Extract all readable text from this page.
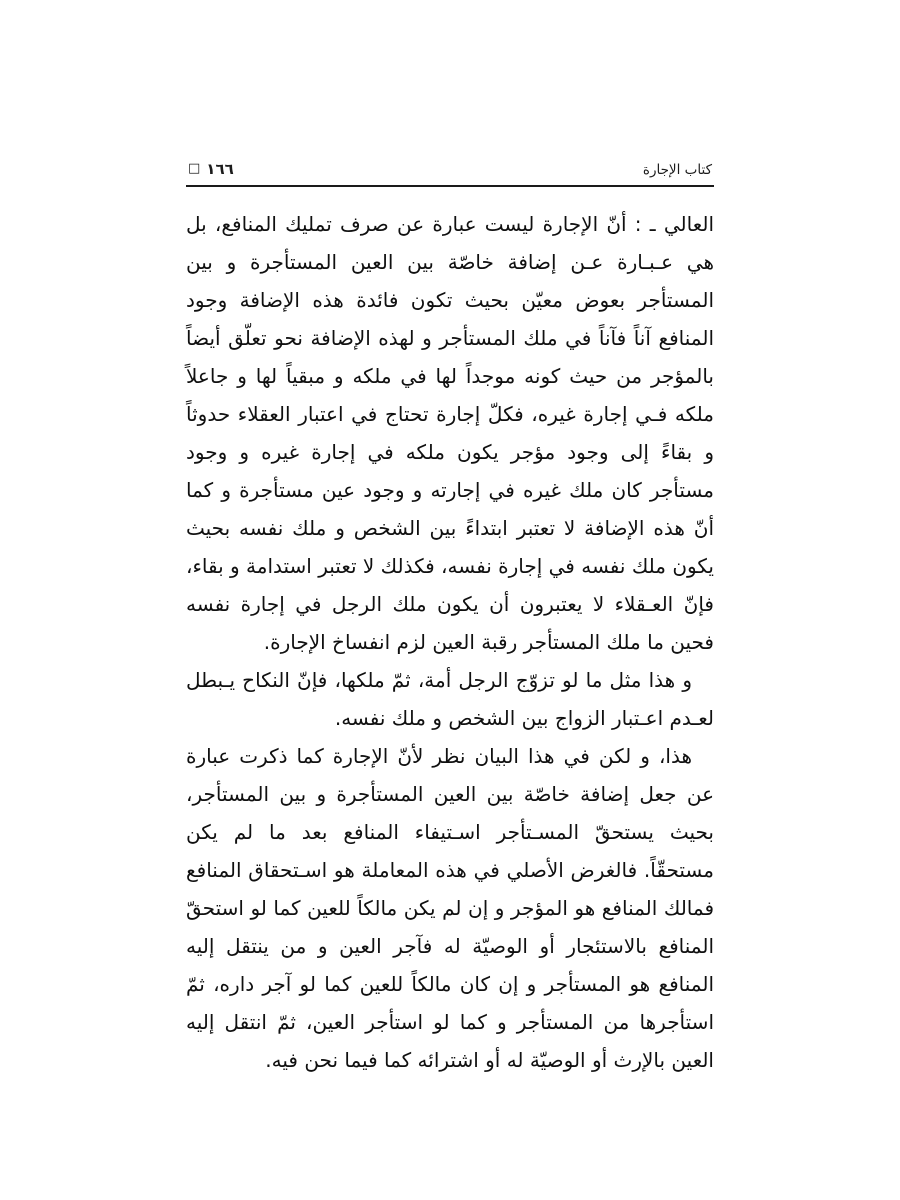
□ ١٦٦	كتاب الإجارة

العالي ـ : أنّ الإجارة ليست عبارة عن صرف تمليك المنافع، بل هي عـبـارة عـن إضافة خاصّة بين العين المستأجرة و بين المستأجر بعوض معيّن بحيث تكون فائدة هذه الإضافة وجود المنافع آناً فآناً في ملك المستأجر و لهذه الإضافة نحو تعلّق أيضاً بالمؤجر من حيث كونه موجداً لها في ملكه و مبقياً لها و جاعلاً ملكه فـي إجارة غيره، فكلّ إجارة تحتاج في اعتبار العقلاء حدوثاً و بقاءً إلى وجود مؤجر يكون ملكه في إجارة غيره و وجود مستأجر كان ملك غيره في إجارته و وجود عين مستأجرة و كما أنّ هذه الإضافة لا تعتبر ابتداءً بين الشخص و ملك نفسه بحيث يكون ملك نفسه في إجارة نفسه، فكذلك لا تعتبر استدامة و بقاء، فإنّ العـقلاء لا يعتبرون أن يكون ملك الرجل في إجارة نفسه فحين ما ملك المستأجر رقبة العين لزم انفساخ الإجارة.

و هذا مثل ما لو تزوّج الرجل أمة، ثمّ ملكها، فإنّ النكاح يـبطل لعـدم اعـتبار الزواج بين الشخص و ملك نفسه.

هذا، و لكن في هذا البيان نظر لأنّ الإجارة كما ذكرت عبارة عن جعل إضافة خاصّة بين العين المستأجرة و بين المستأجر، بحيث يستحقّ المسـتأجر اسـتيفاء المنافع بعد ما لم يكن مستحقّاً. فالغرض الأصلي في هذه المعاملة هو اسـتحقاق المنافع فمالك المنافع هو المؤجر و إن لم يكن مالكاً للعين كما لو استحقّ المنافع بالاستئجار أو الوصيّة له فآجر العين و من ينتقل إليه المنافع هو المستأجر و إن كان مالكاً للعين كما لو آجر داره، ثمّ استأجرها من المستأجر و كما لو استأجر العين، ثمّ انتقل إليه العين بالإرث أو الوصيّة له أو اشترائه كما فيما نحن فيه.
